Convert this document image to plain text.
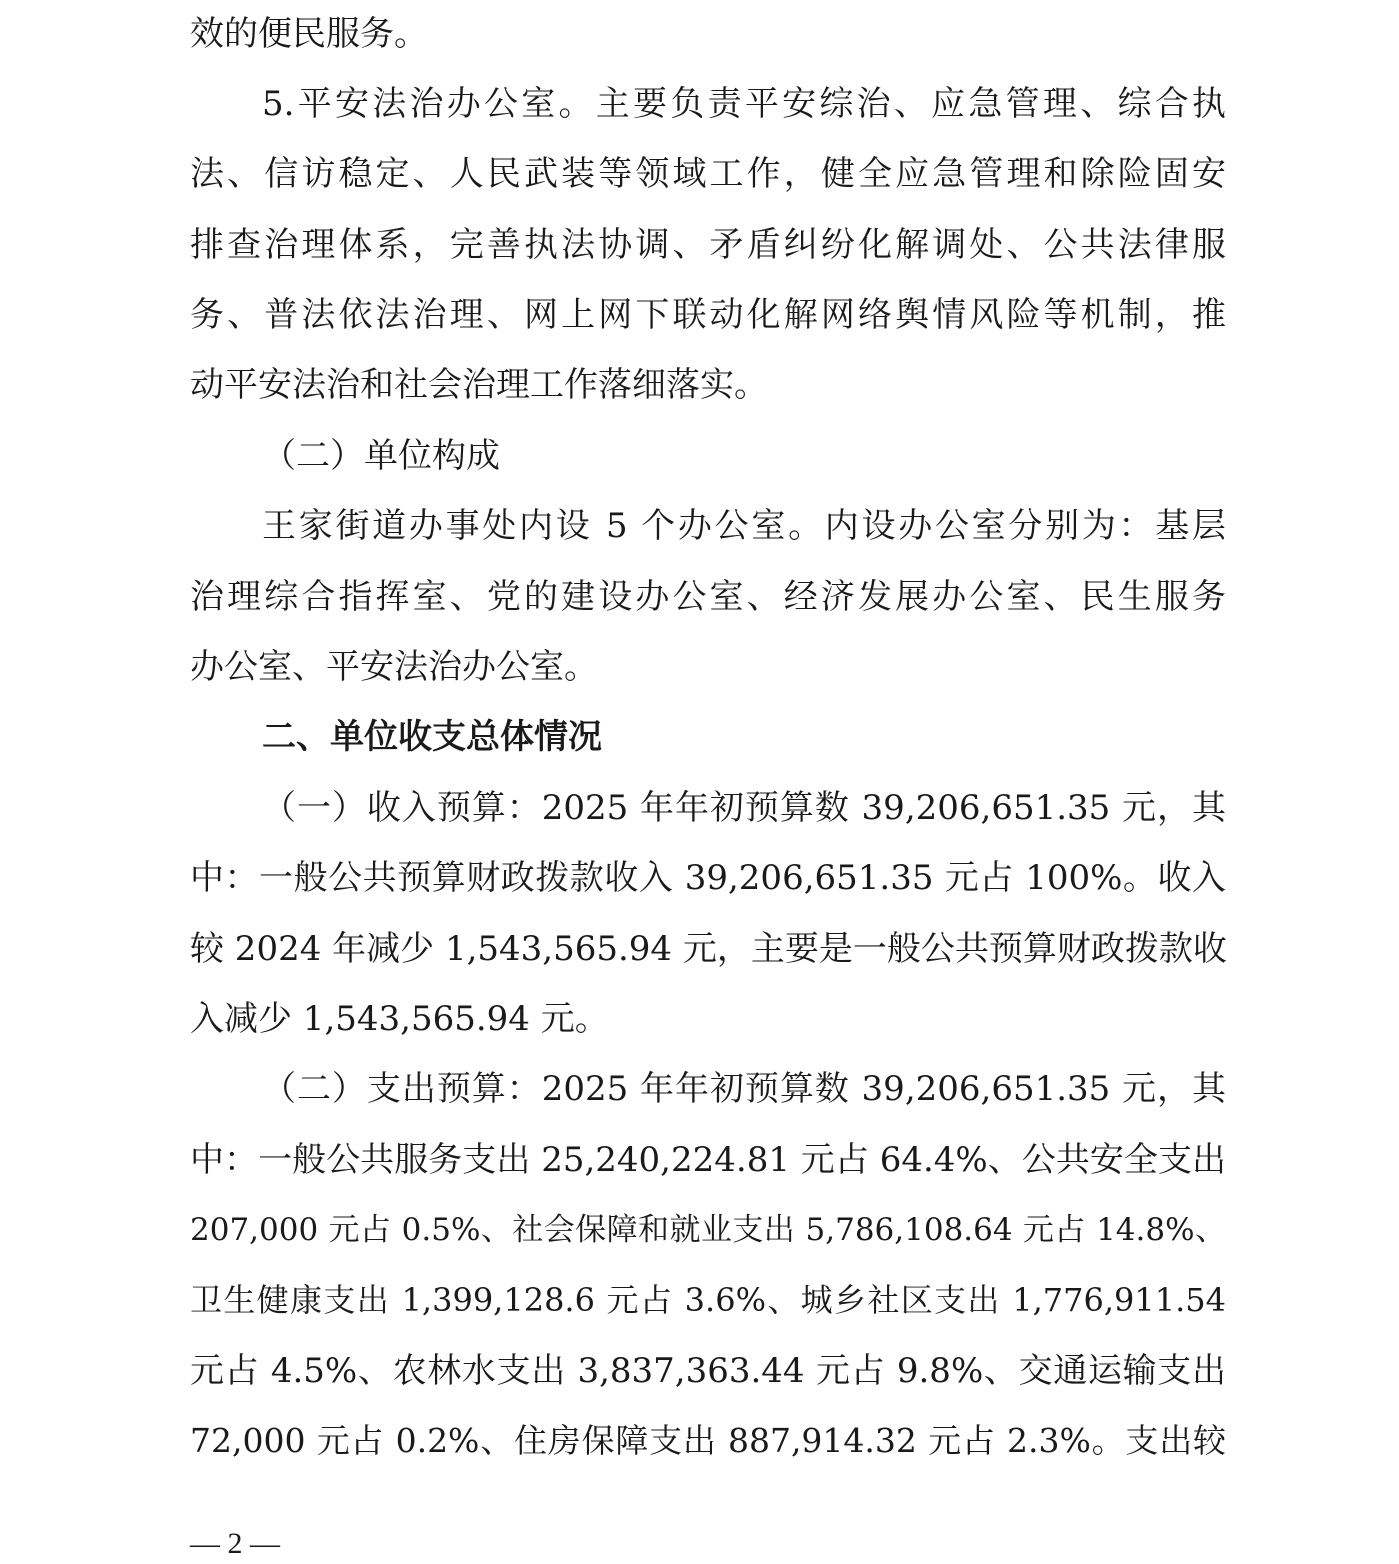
效的便民服务。
5.平安法治办公室。主要负责平安综治、应急管理、综合执
法、信访稳定、人民武装等领域工作，健全应急管理和除险固安
排查治理体系，完善执法协调、矛盾纠纷化解调处、公共法律服
务、普法依法治理、网上网下联动化解网络舆情风险等机制，推
动平安法治和社会治理工作落细落实。
（二）单位构成
王家街道办事处内设 5 个办公室。内设办公室分别为：基层
治理综合指挥室、党的建设办公室、经济发展办公室、民生服务
办公室、平安法治办公室。
二、单位收支总体情况
（一）收入预算：2025 年年初预算数 39,206,651.35 元，其
中：一般公共预算财政拨款收入 39,206,651.35 元占 100%。收入
较 2024 年减少 1,543,565.94 元，主要是一般公共预算财政拨款收
入减少 1,543,565.94 元。
（二）支出预算：2025 年年初预算数 39,206,651.35 元，其
中：一般公共服务支出 25,240,224.81 元占 64.4%、公共安全支出
207,000 元占 0.5%、社会保障和就业支出 5,786,108.64 元占 14.8%、
卫生健康支出 1,399,128.6 元占 3.6%、城乡社区支出 1,776,911.54
元占 4.5%、农林水支出 3,837,363.44 元占 9.8%、交通运输支出
72,000 元占 0.2%、住房保障支出 887,914.32 元占 2.3%。支出较
— 2 —
